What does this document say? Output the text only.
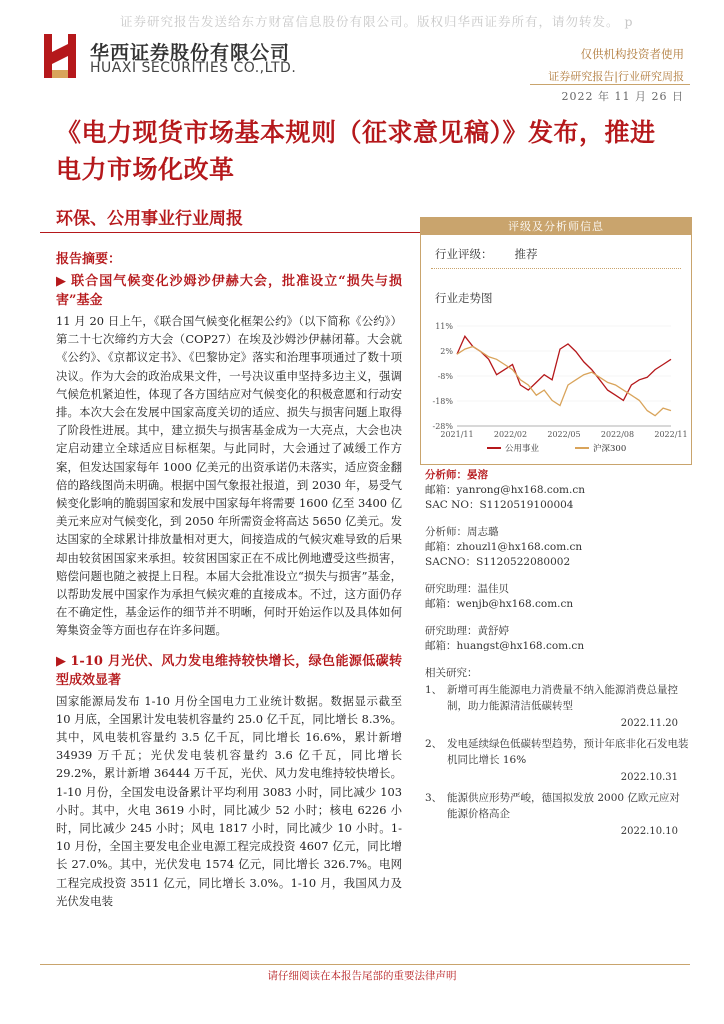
证券研究报告发送给东方财富信息股份有限公司。版权归华西证券所有，请勿转发。 p
华西证券股份有限公司
HUAXI SECURITIES CO.,LTD.
仅供机构投资者使用
证券研究报告|行业研究周报
2022 年 11 月 26 日
《电力现货市场基本规则（征求意见稿）》发布，推进电力市场化改革
环保、公用事业行业周报
报告摘要：
▶ 联合国气候变化沙姆沙伊赫大会，批准设立“损失与损害”基金
11 月 20 日上午，《联合国气候变化框架公约》（以下简称《公约》）第二十七次缔约方大会（COP27）在埃及沙姆沙伊赫闭幕。大会就《公约》、《京都议定书》、《巴黎协定》落实和治理事项通过了数十项决议。作为大会的政治成果文件，一号决议重申坚持多边主义，强调气候危机紧迫性，体现了各方国结应对气候变化的积极意愿和行动安排。本次大会在发展中国家高度关切的适应、损失与损害问题上取得了阶段性进展。其中，建立损失与损害基金成为一大亮点，大会也决定启动建立全球适应目标框架。与此同时，大会通过了减缓工作方案，但发达国家每年 1000 亿美元的出资承诺仍未落实，适应资金翻倍的路线图尚未明确。根据中国气象报社报道，到 2030 年，易受气候变化影响的脆弱国家和发展中国家每年将需要 1600 亿至 3400 亿美元来应对气候变化，到 2050 年所需资金将高达 5650 亿美元。发达国家的全球累计排放量相对更大，间接造成的气候灾难导致的后果却由较贫困国家来承担。较贫困国家正在不成比例地遭受这些损害，赔偿问题也随之被提上日程。本届大会批准设立“损失与损害”基金，以帮助发展中国家作为承担气候灾难的直接成本。不过，这方面仍存在不确定性，基金运作的细节并不明晰，何时开始运作以及具体如何筹集资金等方面也存在许多问题。
▶ 1-10 月光伏、风力发电维持较快增长，绿色能源低碳转型成效显著
国家能源局发布 1-10 月份全国电力工业统计数据。数据显示截至 10 月底，全国累计发电装机容量约 25.0 亿千瓦，同比增长 8.3%。其中，风电装机容量约 3.5 亿千瓦，同比增长 16.6%，累计新增 34939 万千瓦；光伏发电装机容量约 3.6 亿千瓦，同比增长 29.2%，累计新增 36444 万千瓦，光伏、风力发电维持较快增长。1-10 月份，全国发电设备累计平均利用 3083 小时，同比减少 103 小时。其中，火电 3619 小时，同比减少 52 小时；核电 6226 小时，同比减少 245 小时；风电 1817 小时，同比减少 10 小时。1-10 月份，全国主要发电企业电源工程完成投资 4607 亿元，同比增长 27.0%。其中，光伏发电 1574 亿元，同比增长 326.7%。电网工程完成投资 3511 亿元，同比增长 3.0%。1-10 月，我国风力及光伏发电装
评级及分析师信息
行业评级： 推荐
行业走势图
11%
2%
-8%
-18%
-28%
2021/11	2022/02	2022/05	2022/08	2022/11
公用事业	沪深300
分析师：晏溶
邮箱：yanrong@hx168.com.cn
SAC NO：S1120519100004
分析师：周志璐
邮箱：zhouzl1@hx168.com.cn
SACNO：S1120522080002
研究助理：温佳贝
邮箱：wenjb@hx168.com.cn
研究助理：黄舒婷
邮箱：huangst@hx168.com.cn
相关研究：
1、 新增可再生能源电力消费量不纳入能源消费总量控制，助力能源清洁低碳转型
2022.11.20
2、 发电延续绿色低碳转型趋势，预计年底非化石发电装机同比增长 16%
2022.10.31
3、 能源供应形势严峻，德国拟发放 2000 亿欧元应对能源价格高企
2022.10.10
请仔细阅读在本报告尾部的重要法律声明
